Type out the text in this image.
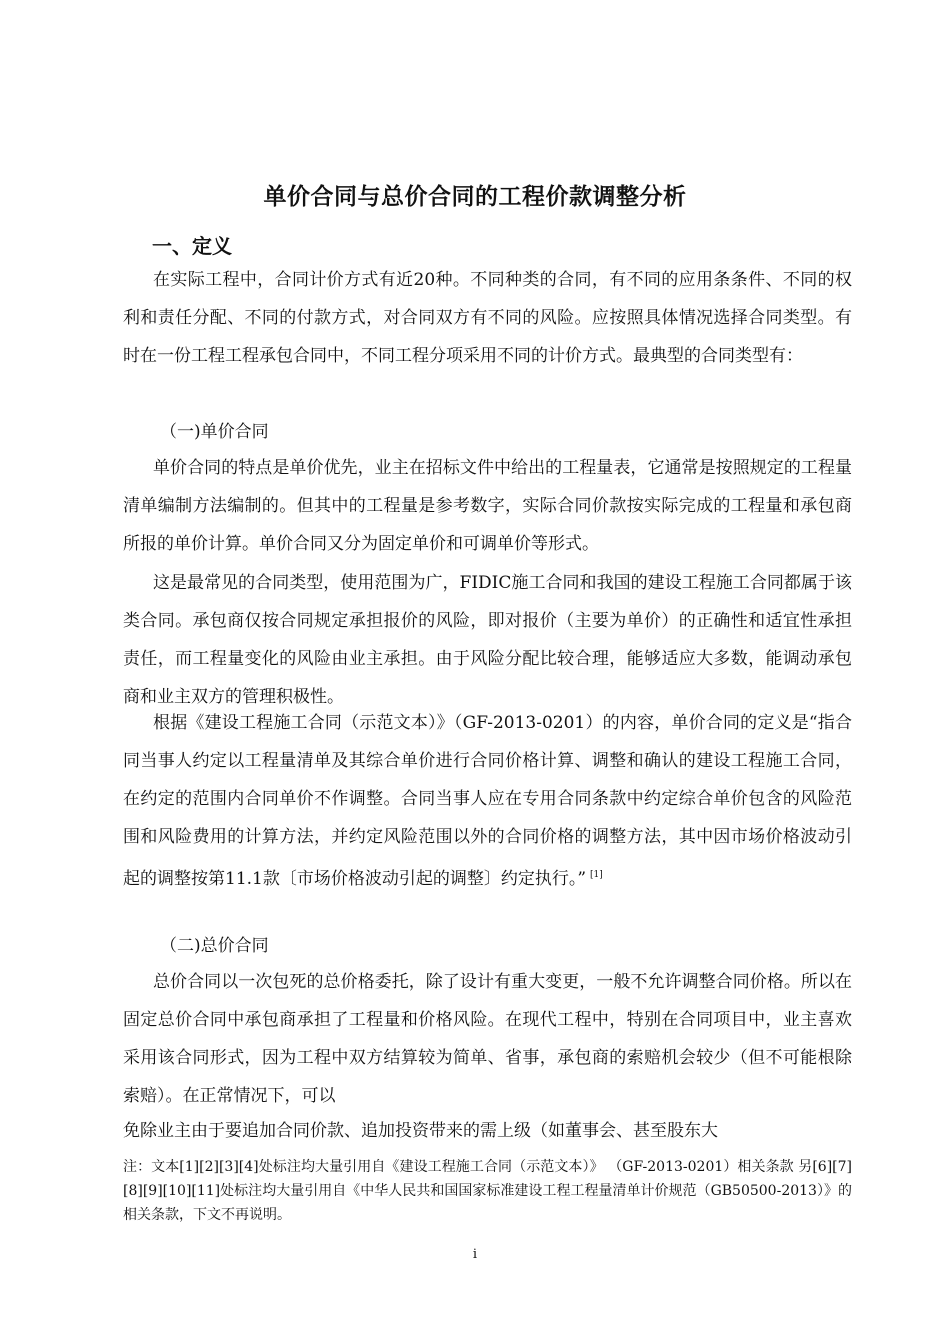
单价合同与总价合同的工程价款调整分析
一、定义
在实际工程中，合同计价方式有近20种。不同种类的合同，有不同的应用条条件、不同的权利和责任分配、不同的付款方式，对合同双方有不同的风险。应按照具体情况选择合同类型。有时在一份工程工程承包合同中，不同工程分项采用不同的计价方式。最典型的合同类型有：
（一)单价合同
单价合同的特点是单价优先，业主在招标文件中给出的工程量表，它通常是按照规定的工程量清单编制方法编制的。但其中的工程量是参考数字，实际合同价款按实际完成的工程量和承包商所报的单价计算。单价合同又分为固定单价和可调单价等形式。
这是最常见的合同类型，使用范围为广，FIDIC施工合同和我国的建设工程施工合同都属于该类合同。承包商仅按合同规定承担报价的风险，即对报价（主要为单价）的正确性和适宜性承担责任，而工程量变化的风险由业主承担。由于风险分配比较合理，能够适应大多数，能调动承包商和业主双方的管理积极性。
根据《建设工程施工合同（示范文本）》（GF-2013-0201）的内容，单价合同的定义是“指合同当事人约定以工程量清单及其综合单价进行合同价格计算、调整和确认的建设工程施工合同，在约定的范围内合同单价不作调整。合同当事人应在专用合同条款中约定综合单价包含的风险范围和风险费用的计算方法，并约定风险范围以外的合同价格的调整方法，其中因市场价格波动引起的调整按第11.1款〔市场价格波动引起的调整〕约定执行。” [1]
（二)总价合同
总价合同以一次包死的总价格委托，除了设计有重大变更，一般不允许调整合同价格。所以在固定总价合同中承包商承担了工程量和价格风险。在现代工程中，特别在合同项目中，业主喜欢采用该合同形式，因为工程中双方结算较为简单、省事，承包商的索赔机会较少（但不可能根除索赔）。在正常情况下，可以
免除业主由于要追加合同价款、追加投资带来的需上级（如董事会、甚至股东大
注：文本[1][2][3][4]处标注均大量引用自《建设工程施工合同（示范文本）》 （GF-2013-0201）相关条款 另[6][7][8][9][10][11]处标注均大量引用自《中华人民共和国国家标准建设工程工程量清单计价规范（GB50500-2013）》的相关条款，下文不再说明。
i
